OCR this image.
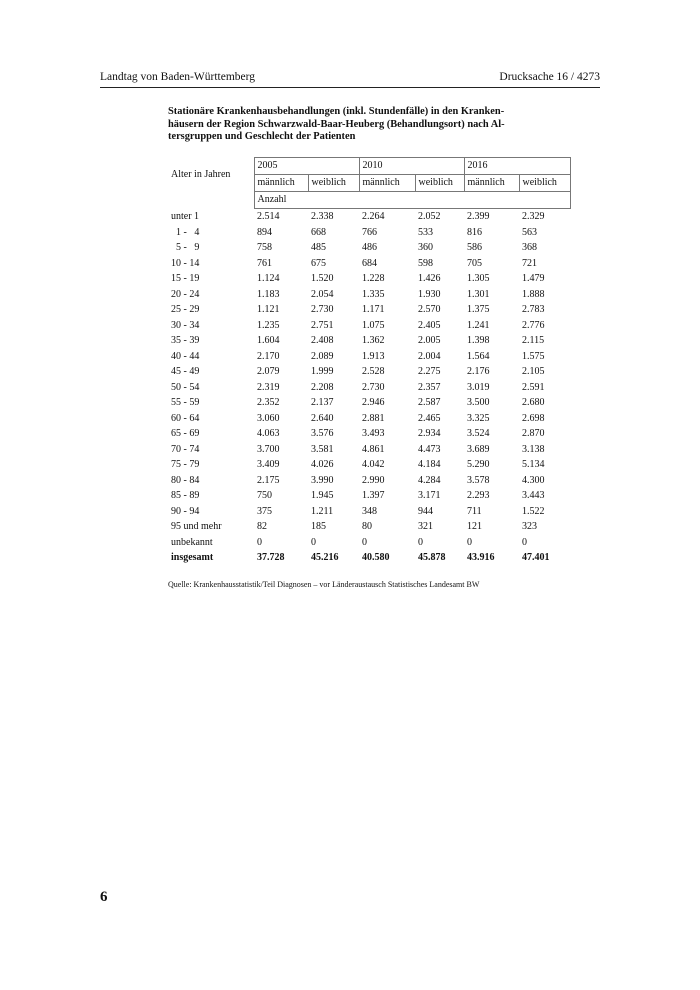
Landtag von Baden-Württemberg	Drucksache 16 / 4273
Stationäre Krankenhausbehandlungen (inkl. Stundenfälle) in den Kranken-
häusern der Region Schwarzwald-Baar-Heuberg (Behandlungsort) nach Al-
tersgruppen und Geschlecht der Patienten
Alter in Jahren	2005		2010		2016	
	männlich	weiblich	männlich	weiblich	männlich	weiblich
	Anzahl					
unter 1	2.514	2.338	2.264	2.052	2.399	2.329
1 -   4	894	668	766	533	816	563
5 -   9	758	485	486	360	586	368
10 - 14	761	675	684	598	705	721
15 - 19	1.124	1.520	1.228	1.426	1.305	1.479
20 - 24	1.183	2.054	1.335	1.930	1.301	1.888
25 - 29	1.121	2.730	1.171	2.570	1.375	2.783
30 - 34	1.235	2.751	1.075	2.405	1.241	2.776
35 - 39	1.604	2.408	1.362	2.005	1.398	2.115
40 - 44	2.170	2.089	1.913	2.004	1.564	1.575
45 - 49	2.079	1.999	2.528	2.275	2.176	2.105
50 - 54	2.319	2.208	2.730	2.357	3.019	2.591
55 - 59	2.352	2.137	2.946	2.587	3.500	2.680
60 - 64	3.060	2.640	2.881	2.465	3.325	2.698
65 - 69	4.063	3.576	3.493	2.934	3.524	2.870
70 - 74	3.700	3.581	4.861	4.473	3.689	3.138
75 - 79	3.409	4.026	4.042	4.184	5.290	5.134
80 - 84	2.175	3.990	2.990	4.284	3.578	4.300
85 - 89	750	1.945	1.397	3.171	2.293	3.443
90 - 94	375	1.211	348	944	711	1.522
95 und mehr	82	185	80	321	121	323
unbekannt	0	0	0	0	0	0
insgesamt	37.728	45.216	40.580	45.878	43.916	47.401
Quelle: Krankenhausstatistik/Teil Diagnosen – vor Länderaustausch Statistisches Landesamt BW
6
